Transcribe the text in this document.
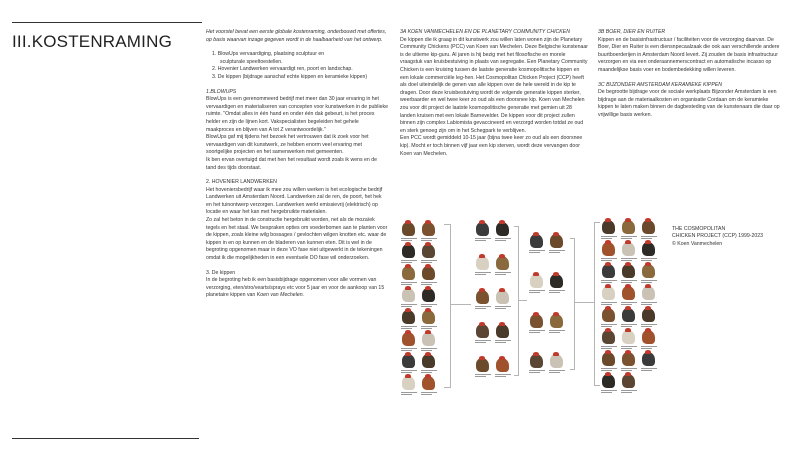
III.KOSTENRAMING	Het voorstel bevat een eerste globale kostenraming, onderbouwd met offertes, op basis waarvan inzage gegeven wordt in de haalbaarheid van het ontwerp.

1. BlowUps vervaardiging, plaatsing sculptuur en

sculpturale speeltoestellen.

2. Hovenier Landwerken vervaardigt ren, poort en landschap.

3. De kippen (bijdrage aanschaf echte kippen en keramieke kippen)

1.BLOWUPS

BlowUps is een gerenommeerd bedrijf met meer dan 30 jaar ervaring in het vervaardigen en materialiseren van concepten voor kunstwerken in de publieke ruimte. "Omdat alles in één hand en onder één dak gebeurt, is het proces helder en zijn de lijnen kort. Vakspecialisten begeleiden het gehele maakproces en blijven van A tot Z verantwoordelijk."

BlowUps gaf mij tijdens het bezoek het vertrouwen dat ik zoek voor het vervaardigen van dit kunstwerk, ze hebben enorm veel ervaring met soortgelijke projecten en het samenwerken met gemeenten.

Ik ben ervan overtuigd dat met hen het resultaat wordt zoals ik wens en de tand des tijds doorstaat.

2. HOVENIER LANDWERKEN

Het hoveniersbedrijf waar ik mee zou willen werken is het ecologische bedrijf Landwerken uit Amsterdam Noord. Landwerken zal de ren, de poort, het hek en het tuinontwerp verzorgen. Landwerken werkt emissievrij (elektrisch) op locatie en waar het kan met hergebruikte materialen.

Zo zal het beton in de constructie hergebruikt worden, net als de mozaïek tegels en het staal. We bespraken opties om voederbomen aan te planten voor de kippen, zoals kleine wilg bossages / gevlochten wilgen knotten etc. waar de kippen in en op kunnen en de bladeren van kunnen eten. Dit is wel in de begroting opgenomen maar in deze VO fase niet uitgewerkt in de tekeningen omdat ik die mogelijkheden in een eventuele DO fase wil onderzoeken.

3. De kippen

In de begroting heb ik een basisbijdrage opgenomen voor alle vormen van verzorging, eten/stro/vearts/sprays etc voor 5 jaar en voor de aankoop van 15 planetaire kippen van Koen van Mechelen.

3A KOEN VANMECHELEN EN DE PLANETARY COMMUNITY CHICKEN

De kippen die ik graag in dit kunstwerk zou willen laten wonen zijn de Planetary Community Chickens (PCC) van Koen van Mechelen. Deze Belgische kunstenaar is de ultieme kip-guru. Al jaren is hij bezig met het filosofische en morele vraagstuk van kruisbestuiving in plaats van segregatie. Een Planetary Community Chicken is een kruising tussen de laatste generatie kosmopolitische kippen en een lokale commerciële leg-hen. Het Cosmopolitan Chicken Project (CCP) heeft als doel uiteindelijk de genen van alle kippen over de hele wereld in de kip te dragen. Door deze kruisbestuiving wordt de volgende generatie kippen sterker, weerbaarder en wel twee keer zo oud als een doorsnee kip. Koen van Mechelen zou voor dit project de laatste kosmopolitische generatie met gemien uit 28 landen kruisen met een lokale Barnevelder. De kippen voor dit project zullen binnen zijn complex Labiomista gevaccineerd en verzorgd worden totdat ze oud en sterk genoeg zijn om in het Schegpark te verblijven.

Een PCC wordt gemiddeld 10-15 jaar (bijna twee keer zo oud als een doorsnee kip). Mocht er toch binnen vijf jaar een kip sterven, wordt deze vervangen door Koen van Mechelen.

3B BOER, DIER EN RUITER

Kippen en de basisinfrastructuur / faciliteiten voor de verzorging daarvan. De Boer, Dier en Ruiter is een diensnpecaalzaak die ook aan verschillende andere buurtboerderijen in Amsterdam Noord levert. Zij zouden de basis infrastructuur verzorgen en via een onderaannemerscontract en automatische incasso op maandelijkse basis voer en bodembedekking willen leveren.

3C BIJZONDER AMSTERDAM KERAMIEKE KIPPEN

De begrootte bijdrage voor de sociale werkplaats Bijzonder Amsterdam is een bijdrage aan de materiaalkosten en organisatie Cordaan om de keramieke kippen te laten maken binnen de dagbesteding van de kunstenaars die daar op vrijwillige basis werken.

THE COSMOPOLITAN

CHICKEN PROJECT (CCP) 1999-2023

© Koen Vanmechelen
